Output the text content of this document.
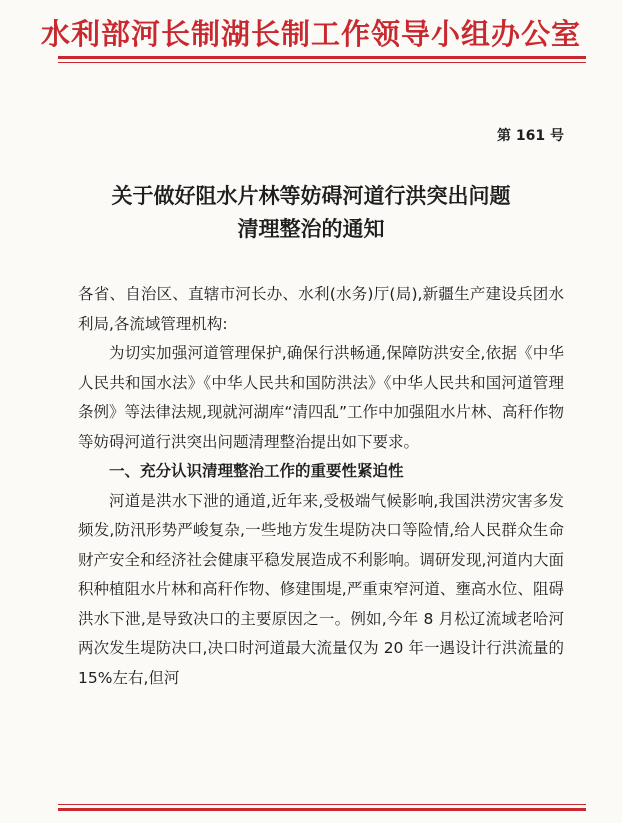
水利部河长制湖长制工作领导小组办公室
第 161 号
关于做好阻水片林等妨碍河道行洪突出问题
清理整治的通知

各省、自治区、直辖市河长办、水利(水务)厅(局),新疆生产建设兵团水利局,各流域管理机构:

为切实加强河道管理保护,确保行洪畅通,保障防洪安全,依据《中华人民共和国水法》《中华人民共和国防洪法》《中华人民共和国河道管理条例》等法律法规,现就河湖库“清四乱”工作中加强阻水片林、高秆作物等妨碍河道行洪突出问题清理整治提出如下要求。

一、充分认识清理整治工作的重要性紧迫性

河道是洪水下泄的通道,近年来,受极端气候影响,我国洪涝灾害多发频发,防汛形势严峻复杂,一些地方发生堤防决口等险情,给人民群众生命财产安全和经济社会健康平稳发展造成不利影响。调研发现,河道内大面积种植阻水片林和高秆作物、修建围堤,严重束窄河道、壅高水位、阻碍洪水下泄,是导致决口的主要原因之一。例如,今年 8 月松辽流域老哈河两次发生堤防决口,决口时河道最大流量仅为 20 年一遇设计行洪流量的 15%左右,但河
